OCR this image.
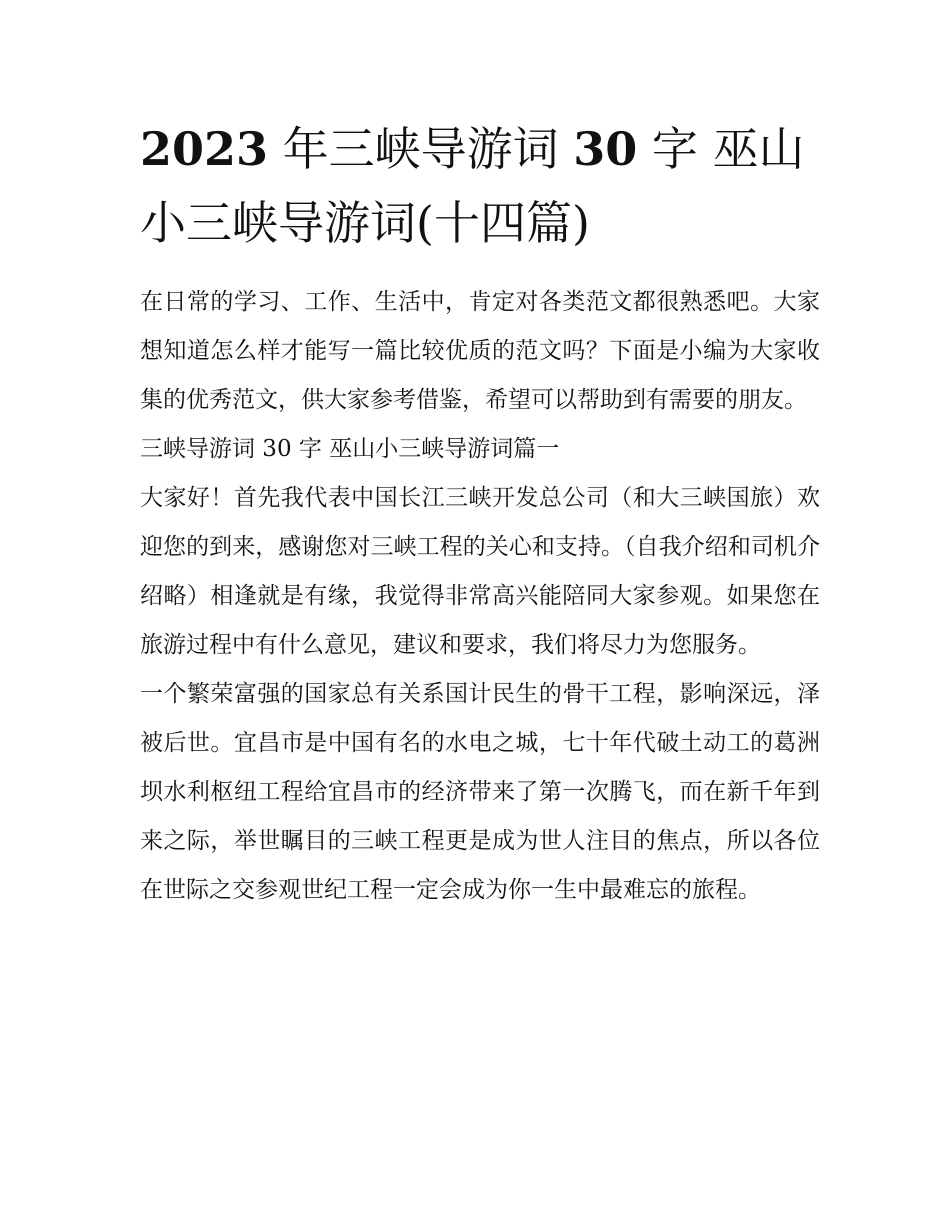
2023 年三峡导游词 30 字 巫山
小三峡导游词(十四篇)

在日常的学习、工作、生活中，肯定对各类范文都很熟悉吧。大家想知道怎么样才能写一篇比较优质的范文吗？下面是小编为大家收集的优秀范文，供大家参考借鉴，希望可以帮助到有需要的朋友。

三峡导游词 30 字 巫山小三峡导游词篇一

大家好！首先我代表中国长江三峡开发总公司（和大三峡国旅）欢迎您的到来，感谢您对三峡工程的关心和支持。（自我介绍和司机介绍略）相逢就是有缘，我觉得非常高兴能陪同大家参观。如果您在旅游过程中有什么意见，建议和要求，我们将尽力为您服务。

一个繁荣富强的国家总有关系国计民生的骨干工程，影响深远，泽被后世。宜昌市是中国有名的水电之城，七十年代破土动工的葛洲坝水利枢纽工程给宜昌市的经济带来了第一次腾飞，而在新千年到来之际，举世瞩目的三峡工程更是成为世人注目的焦点，所以各位在世际之交参观世纪工程一定会成为你一生中最难忘的旅程。
